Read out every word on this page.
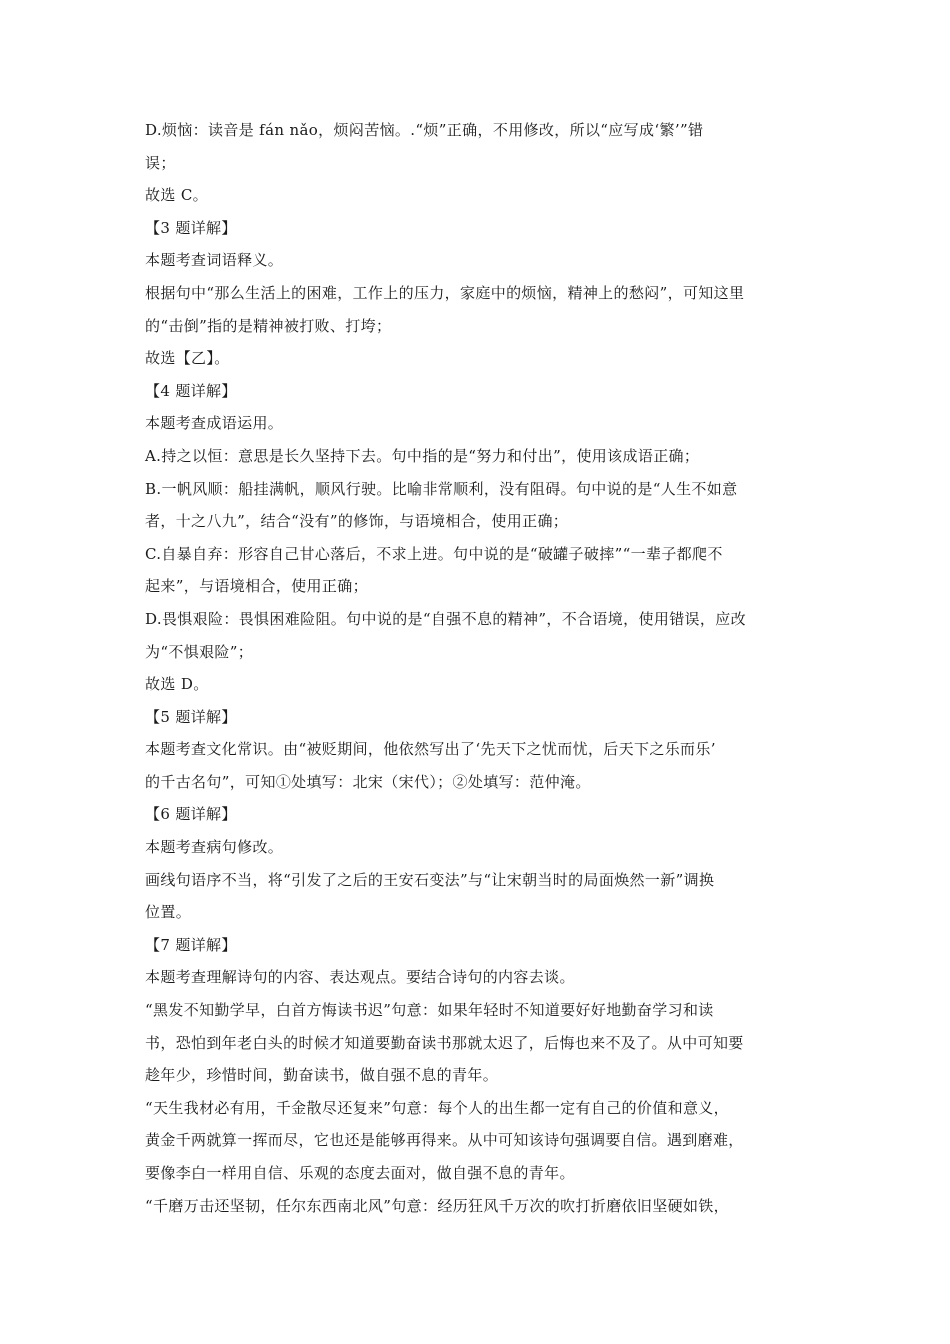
D.烦恼：读音是 fán nǎo，烦闷苦恼。.“烦”正确，不用修改，所以“应写成‘繁’”错
误；
故选 C。
【3 题详解】
本题考查词语释义。
根据句中“那么生活上的困难，工作上的压力，家庭中的烦恼，精神上的愁闷”，可知这里
的“击倒”指的是精神被打败、打垮；
故选【乙】。
【4 题详解】
本题考查成语运用。
A.持之以恒：意思是长久坚持下去。句中指的是“努力和付出”，使用该成语正确；
B.一帆风顺：船挂满帆，顺风行驶。比喻非常顺利，没有阻碍。句中说的是“人生不如意
者，十之八九”，结合“没有”的修饰，与语境相合，使用正确；
C.自暴自弃：形容自己甘心落后，不求上进。句中说的是“破罐子破摔”“一辈子都爬不
起来”，与语境相合，使用正确；
D.畏惧艰险：畏惧困难险阻。句中说的是“自强不息的精神”，不合语境，使用错误，应改
为“不惧艰险”；
故选 D。
【5 题详解】
本题考查文化常识。由“被贬期间，他依然写出了‘先天下之忧而忧，后天下之乐而乐’
的千古名句”，可知①处填写：北宋（宋代）；②处填写：范仲淹。
【6 题详解】
本题考查病句修改。
画线句语序不当，将“引发了之后的王安石变法”与“让宋朝当时的局面焕然一新”调换
位置。
【7 题详解】
本题考查理解诗句的内容、表达观点。要结合诗句的内容去谈。
“黑发不知勤学早，白首方悔读书迟”句意：如果年轻时不知道要好好地勤奋学习和读
书，恐怕到年老白头的时候才知道要勤奋读书那就太迟了，后悔也来不及了。从中可知要
趁年少，珍惜时间，勤奋读书，做自强不息的青年。
“天生我材必有用，千金散尽还复来”句意：每个人的出生都一定有自己的价值和意义，
黄金千两就算一挥而尽，它也还是能够再得来。从中可知该诗句强调要自信。遇到磨难，
要像李白一样用自信、乐观的态度去面对，做自强不息的青年。
“千磨万击还坚韧，任尔东西南北风”句意：经历狂风千万次的吹打折磨依旧坚硬如铁，
